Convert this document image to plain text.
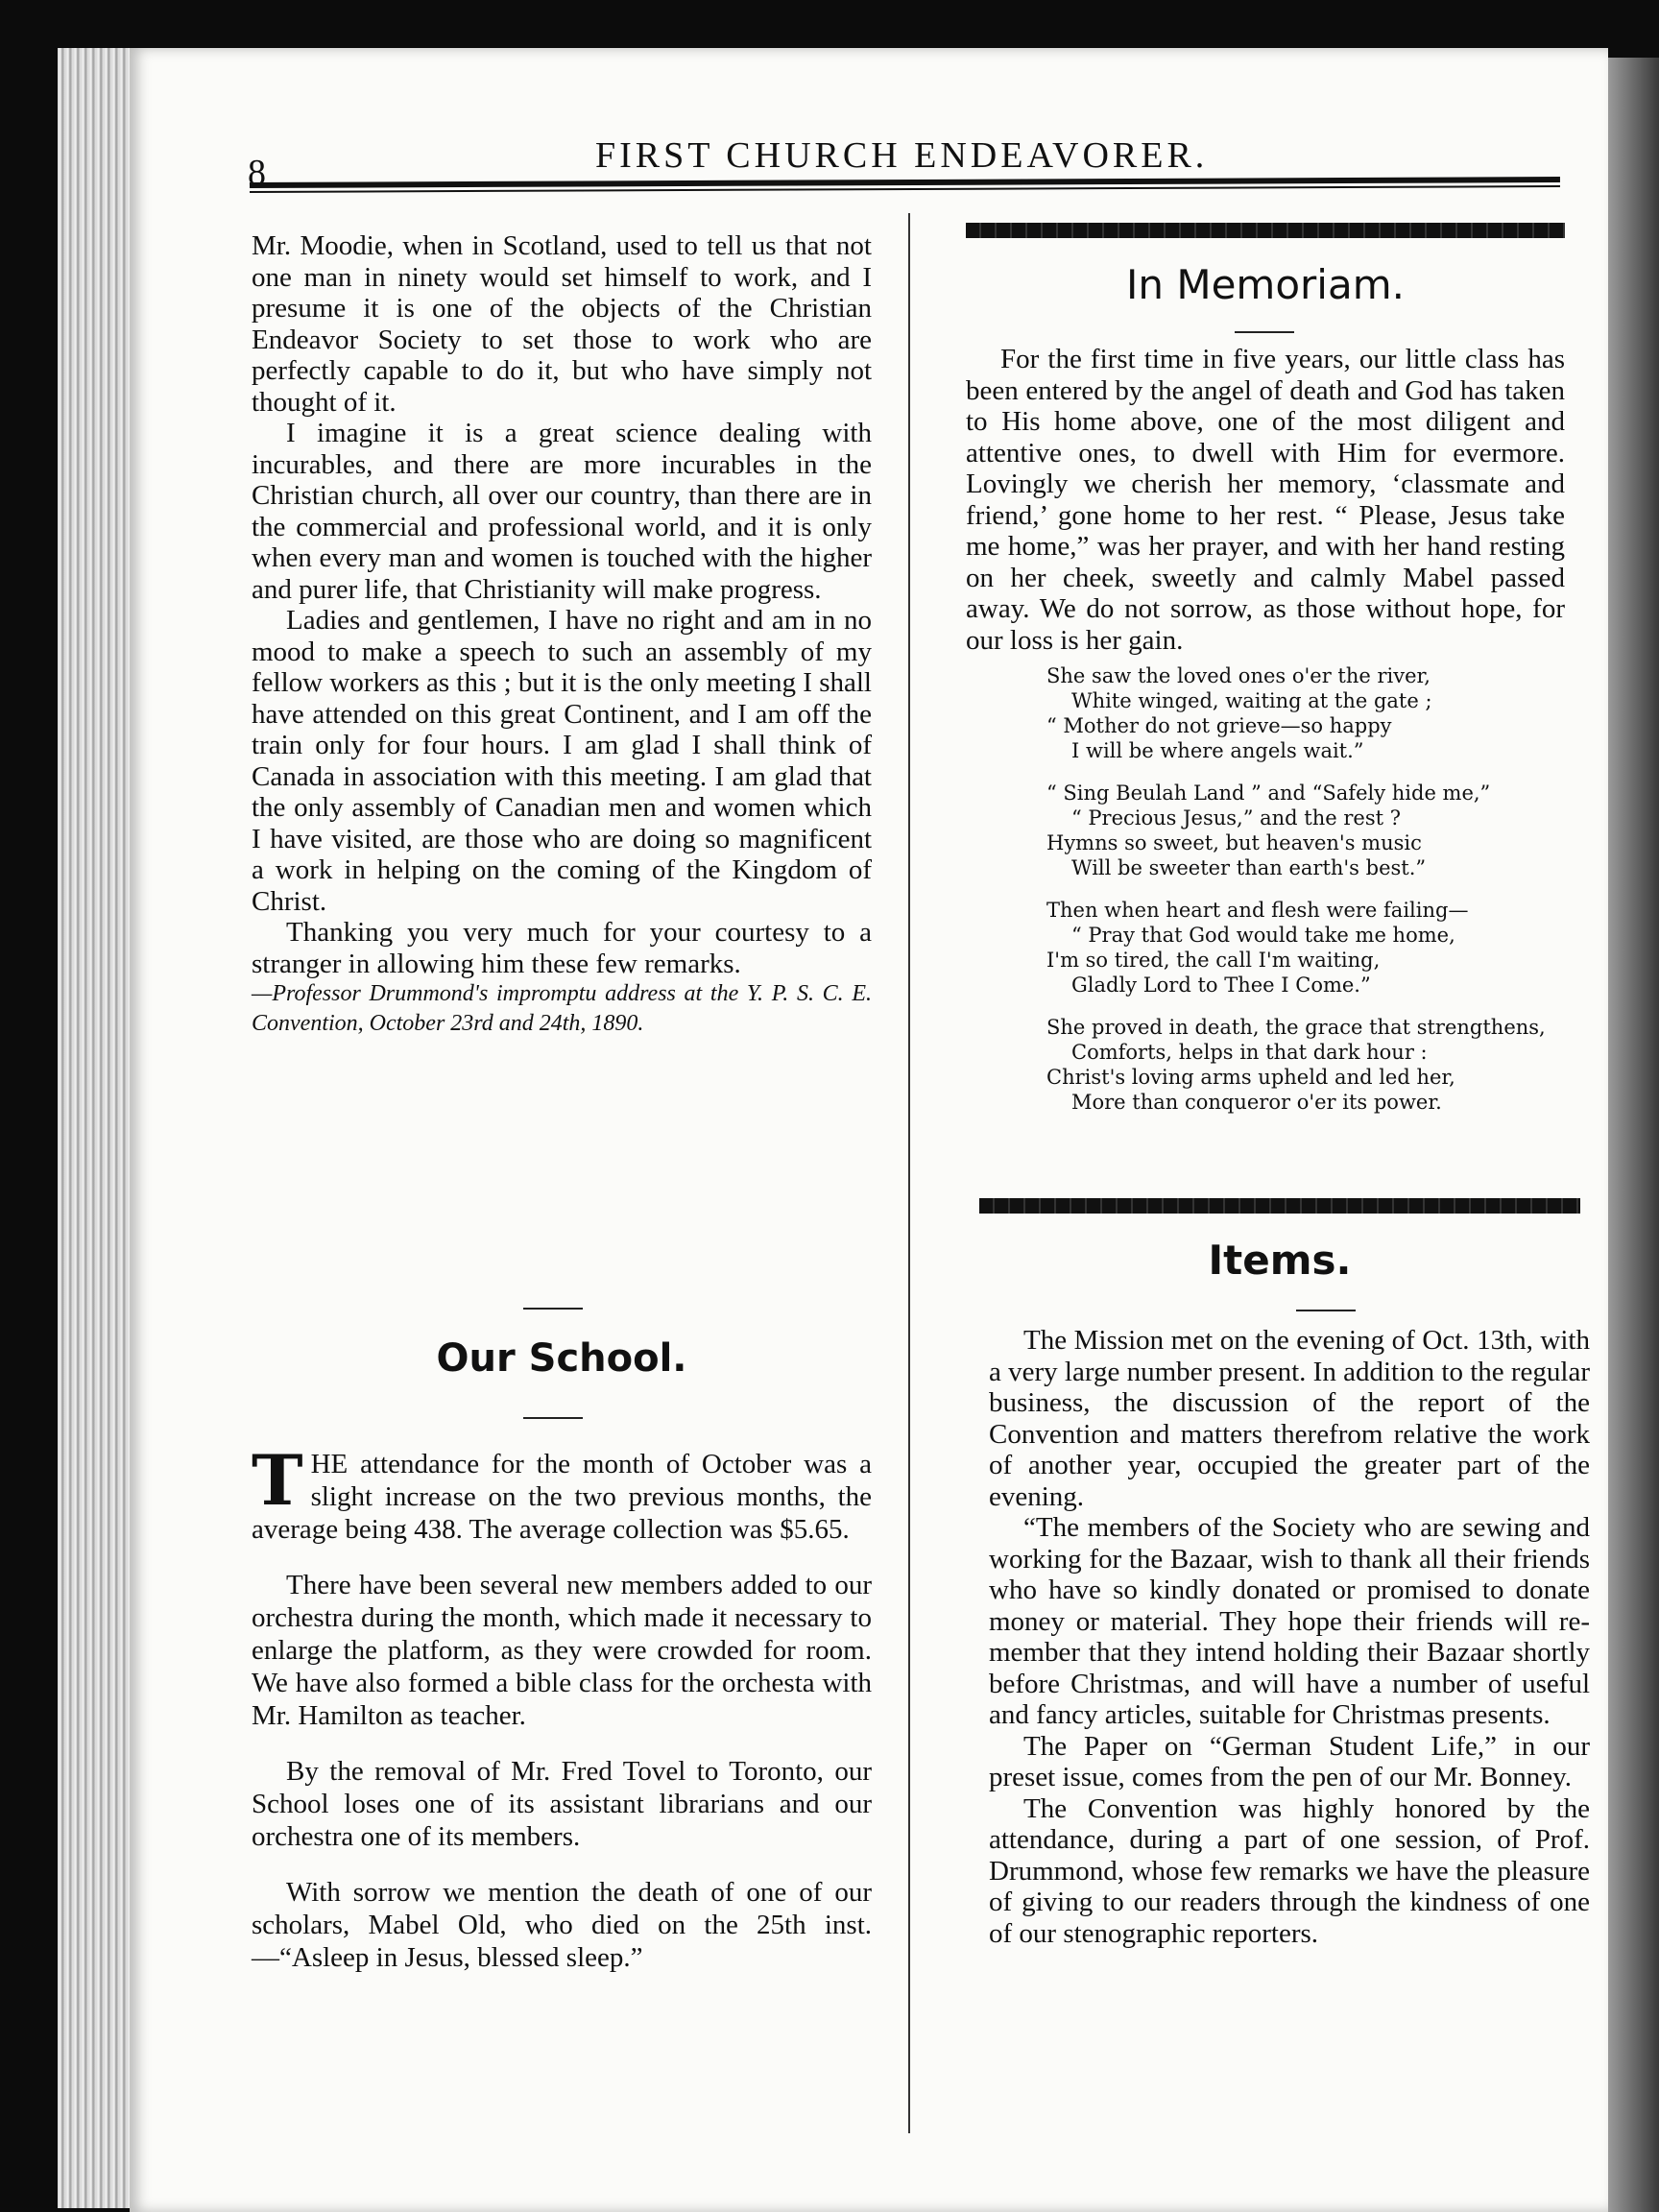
8	FIRST CHURCH ENDEAVORER.

Mr. Moodie, when in Scotland, used to tell us that not one man in ninety would set himself to work, and I presume it is one of the objects of the Christian Endeavor Society to set those to work who are perfectly capable to do it, but who have simply not thought of it.

I imagine it is a great science dealing with incurables, and there are more incurables in the Christian church, all over our country, than there are in the commercial and professional world, and it is only when every man and women is touched with the higher and purer life, that Christianity will make progress.

Ladies and gentlemen, I have no right and am in no mood to make a speech to such an assembly of my fellow workers as this ; but it is the only meeting I shall have attended on this great Continent, and I am off the train only for four hours. I am glad I shall think of Canada in association with this meeting. I am glad that the only assembly of Canadian men and women which I have visited, are those who are doing so magnificent a work in helping on the coming of the Kingdom of Christ.

Thanking you very much for your courtesy to a stranger in allowing him these few remarks.

—Professor Drummond's impromptu address at the Y. P. S. C. E. Convention, October 23rd and 24th, 1890.

Our School.

THE attendance for the month of October was a slight increase on the two previous months, the average being 438. The average collection was $5.65.

There have been several new members added to our orchestra during the month, which made it necessary to enlarge the platform, as they were crowded for room. We have also formed a bible class for the orchesta with Mr. Hamilton as teacher.

By the removal of Mr. Fred Tovel to Toronto, our School loses one of its assistant librarians and our orchestra one of its members.

With sorrow we mention the death of one of our scholars, Mabel Old, who died on the 25th inst.—“Asleep in Jesus, blessed sleep.”

In Memoriam.

For the first time in five years, our little class has been entered by the angel of death and God has taken to His home above, one of the most diligent and attentive ones, to dwell with Him for evermore. Lovingly we cherish her memory, ‘classmate and friend,’ gone home to her rest. “ Please, Jesus take me home,” was her prayer, and with her hand resting on her cheek, sweetly and calmly Mabel passed away. We do not sorrow, as those without hope, for our loss is her gain.

She saw the loved ones o'er the river,
White winged, waiting at the gate ;
“ Mother do not grieve—so happy
I will be where angels wait.”
“ Sing Beulah Land ” and “Safely hide me,”
“ Precious Jesus,” and the rest ?
Hymns so sweet, but heaven's music
Will be sweeter than earth's best.”
Then when heart and flesh were failing—
“ Pray that God would take me home,
I'm so tired, the call I'm waiting,
Gladly Lord to Thee I Come.”
She proved in death, the grace that strengthens,
Comforts, helps in that dark hour :
Christ's loving arms upheld and led her,
More than conqueror o'er its power.
Items.

The Mission met on the evening of Oct. 13th, with a very large number present. In addition to the regular business, the discussion of the report of the Convention and matters therefrom relative the work of another year, occupied the greater part of the evening.

“The members of the Society who are sewing and working for the Bazaar, wish to thank all their friends who have so kindly donated or promised to donate money or material. They hope their friends will remember that they intend holding their Bazaar shortly before Christmas, and will have a number of useful and fancy articles, suitable for Christmas presents.

The Paper on “German Student Life,” in our preset issue, comes from the pen of our Mr. Bonney.

The Convention was highly honored by the attendance, during a part of one session, of Prof. Drummond, whose few remarks we have the pleasure of giving to our readers through the kindness of one of our stenographic reporters.
